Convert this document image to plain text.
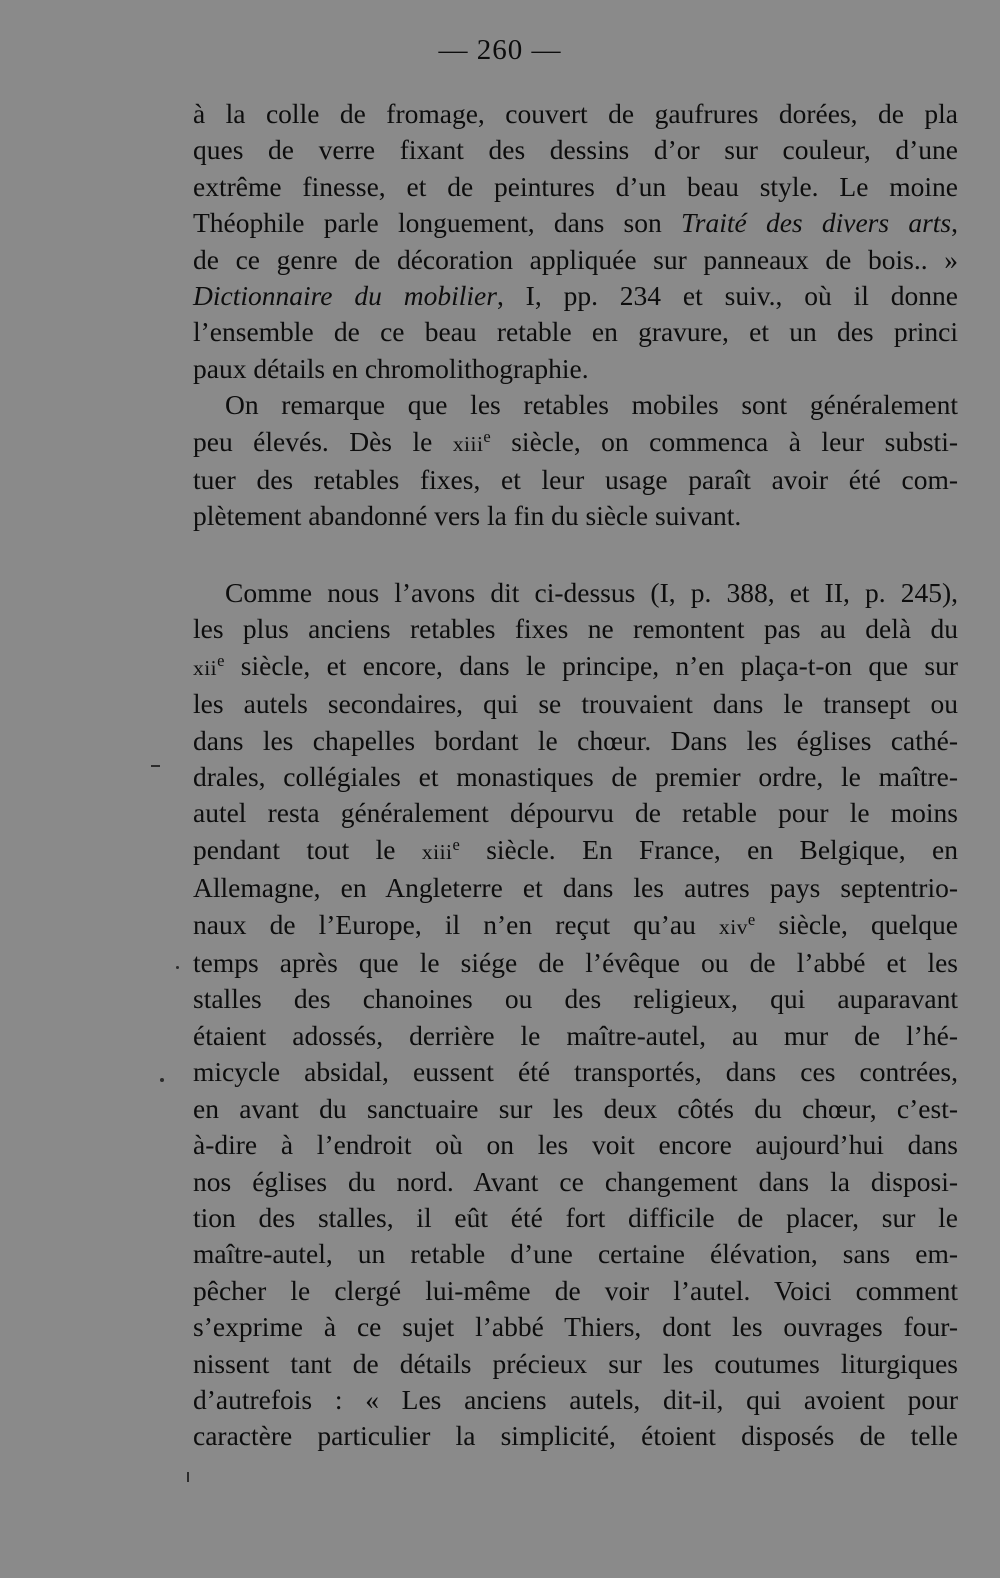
— 260 —
à la colle de fromage, couvert de gaufrures dorées, de pla
ques de verre fixant des dessins d’or sur couleur, d’une
extrême finesse, et de peintures d’un beau style. Le moine
Théophile parle longuement, dans son Traité des divers arts,
de ce genre de décoration appliquée sur panneaux de bois.. »
Dictionnaire du mobilier, I, pp. 234 et suiv., où il donne
l’ensemble de ce beau retable en gravure, et un des princi
paux détails en chromolithographie.
On remarque que les retables mobiles sont généralement
peu élevés. Dès le xiii$^e$ siècle, on commenca à leur substi-
tuer des retables fixes, et leur usage paraît avoir été com-
plètement abandonné vers la fin du siècle suivant.
Comme nous l’avons dit ci-dessus (I, p. 388, et II, p. 245),
les plus anciens retables fixes ne remontent pas au delà du
xii$^e$ siècle, et encore, dans le principe, n’en plaça-t-on que sur
les autels secondaires, qui se trouvaient dans le transept ou
dans les chapelles bordant le chœur. Dans les églises cathé-
drales, collégiales et monastiques de premier ordre, le maître-
autel resta généralement dépourvu de retable pour le moins
pendant tout le xiii$^e$ siècle. En France, en Belgique, en
Allemagne, en Angleterre et dans les autres pays septentrio-
naux de l’Europe, il n’en reçut qu’au xiv$^e$ siècle, quelque
temps après que le siége de l’évêque ou de l’abbé et les
stalles des chanoines ou des religieux, qui auparavant
étaient adossés, derrière le maître-autel, au mur de l’hé-
micycle absidal, eussent été transportés, dans ces contrées,
en avant du sanctuaire sur les deux côtés du chœur, c’est-
à-dire à l’endroit où on les voit encore aujourd’hui dans
nos églises du nord. Avant ce changement dans la disposi-
tion des stalles, il eût été fort difficile de placer, sur le
maître-autel, un retable d’une certaine élévation, sans em-
pêcher le clergé lui-même de voir l’autel. Voici comment
s’exprime à ce sujet l’abbé Thiers, dont les ouvrages four-
nissent tant de détails précieux sur les coutumes liturgiques
d’autrefois : « Les anciens autels, dit-il, qui avoient pour
caractère particulier la simplicité, étoient disposés de telle
